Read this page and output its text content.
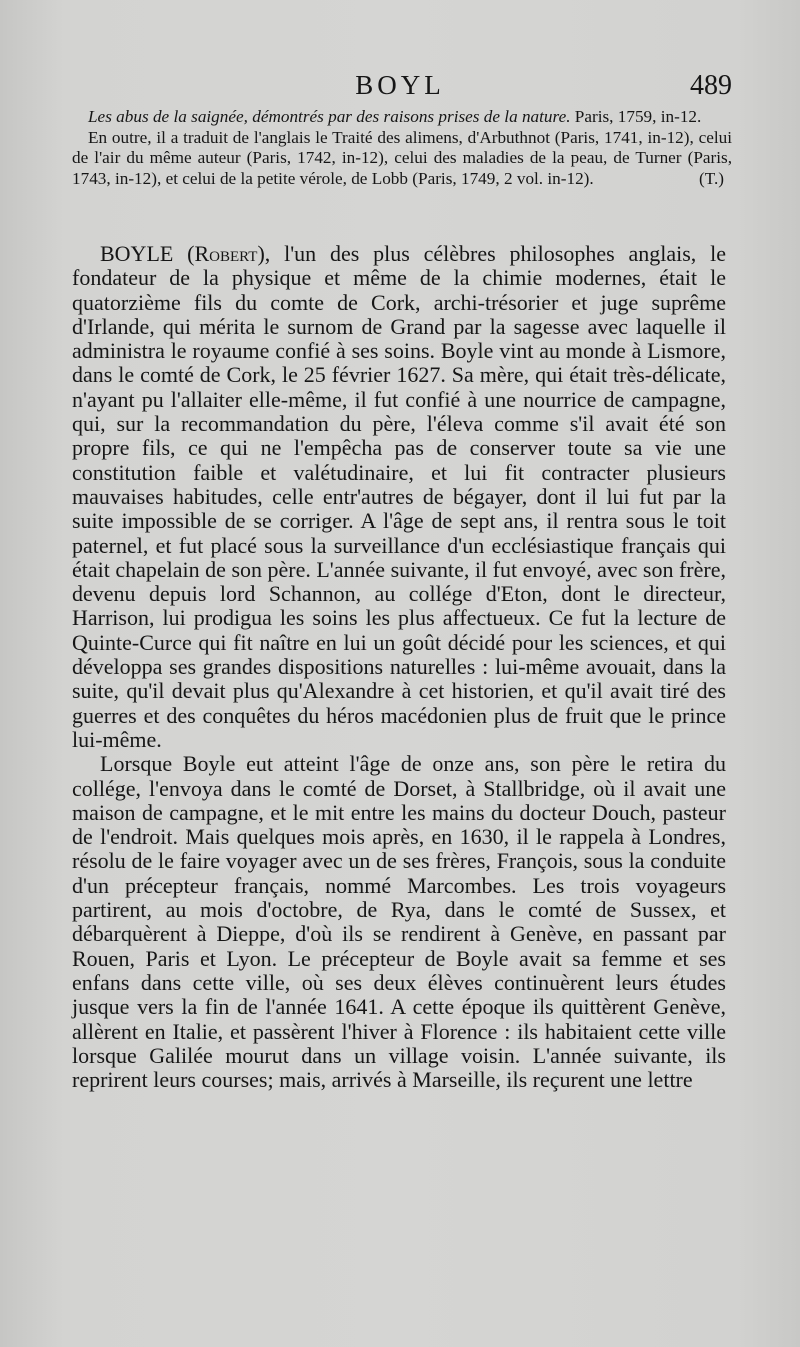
BOYL	489

Les abus de la saignée, démontrés par des raisons prises de la nature. Paris, 1759, in-12.

En outre, il a traduit de l'anglais le Traité des alimens, d'Arbuthnot (Paris, 1741, in-12), celui de l'air du même auteur (Paris, 1742, in-12), celui des maladies de la peau, de Turner (Paris, 1743, in-12), et celui de la petite vérole, de Lobb (Paris, 1749, 2 vol. in-12).	(T.)

BOYLE (Robert), l'un des plus célèbres philosophes anglais, le fondateur de la physique et même de la chimie modernes, était le quatorzième fils du comte de Cork, archi-trésorier et juge suprême d'Irlande, qui mérita le surnom de Grand par la sagesse avec laquelle il administra le royaume confié à ses soins. Boyle vint au monde à Lismore, dans le comté de Cork, le 25 février 1627. Sa mère, qui était très-délicate, n'ayant pu l'allaiter elle-même, il fut confié à une nourrice de campagne, qui, sur la recommandation du père, l'éleva comme s'il avait été son propre fils, ce qui ne l'empêcha pas de conserver toute sa vie une constitution faible et valétudinaire, et lui fit contracter plusieurs mauvaises habitudes, celle entr'autres de bégayer, dont il lui fut par la suite impossible de se corriger. A l'âge de sept ans, il rentra sous le toit paternel, et fut placé sous la surveillance d'un ecclésiastique français qui était chapelain de son père. L'année suivante, il fut envoyé, avec son frère, devenu depuis lord Schannon, au collége d'Eton, dont le directeur, Harrison, lui prodigua les soins les plus affectueux. Ce fut la lecture de Quinte-Curce qui fit naître en lui un goût décidé pour les sciences, et qui développa ses grandes dispositions naturelles : lui-même avouait, dans la suite, qu'il devait plus qu'Alexandre à cet historien, et qu'il avait tiré des guerres et des conquêtes du héros macédonien plus de fruit que le prince lui-même.

Lorsque Boyle eut atteint l'âge de onze ans, son père le retira du collége, l'envoya dans le comté de Dorset, à Stallbridge, où il avait une maison de campagne, et le mit entre les mains du docteur Douch, pasteur de l'endroit. Mais quelques mois après, en 1630, il le rappela à Londres, résolu de le faire voyager avec un de ses frères, François, sous la conduite d'un précepteur français, nommé Marcombes. Les trois voyageurs partirent, au mois d'octobre, de Rya, dans le comté de Sussex, et débarquèrent à Dieppe, d'où ils se rendirent à Genève, en passant par Rouen, Paris et Lyon. Le précepteur de Boyle avait sa femme et ses enfans dans cette ville, où ses deux élèves continuèrent leurs études jusque vers la fin de l'année 1641. A cette époque ils quittèrent Genève, allèrent en Italie, et passèrent l'hiver à Florence : ils habitaient cette ville lorsque Galilée mourut dans un village voisin. L'année suivante, ils reprirent leurs courses; mais, arrivés à Marseille, ils reçurent une lettre
